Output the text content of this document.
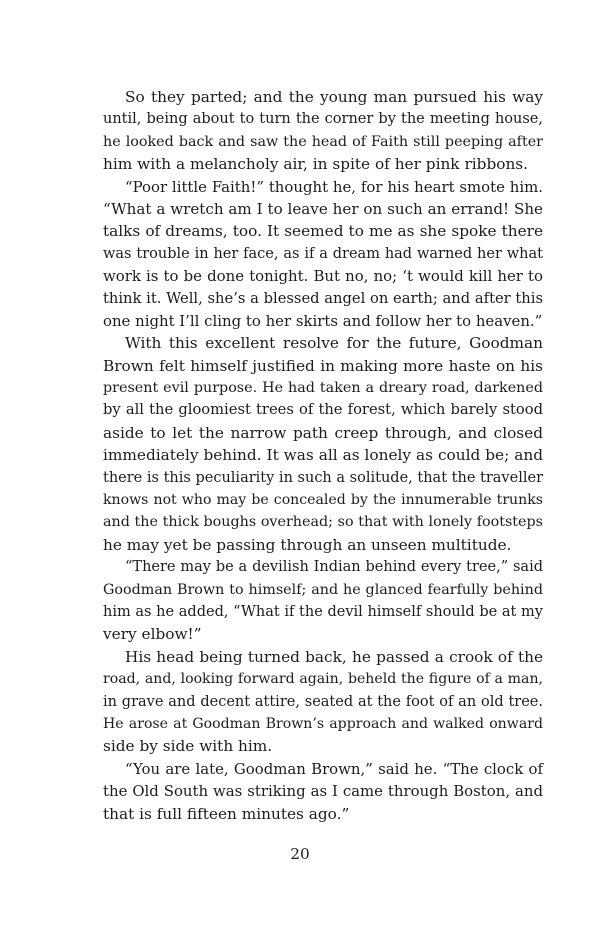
So they parted; and the young man pursued his way
until, being about to turn the corner by the meeting house,
he looked back and saw the head of Faith still peeping after
him with a melancholy air, in spite of her pink ribbons.
“Poor little Faith!” thought he, for his heart smote him.
“What a wretch am I to leave her on such an errand! She
talks of dreams, too. It seemed to me as she spoke there
was trouble in her face, as if a dream had warned her what
work is to be done tonight. But no, no; ‘t would kill her to
think it. Well, she’s a blessed angel on earth; and after this
one night I’ll cling to her skirts and follow her to heaven.”
With this excellent resolve for the future, Goodman
Brown felt himself justified in making more haste on his
present evil purpose. He had taken a dreary road, darkened
by all the gloomiest trees of the forest, which barely stood
aside to let the narrow path creep through, and closed
immediately behind. It was all as lonely as could be; and
there is this peculiarity in such a solitude, that the traveller
knows not who may be concealed by the innumerable trunks
and the thick boughs overhead; so that with lonely footsteps
he may yet be passing through an unseen multitude.
“There may be a devilish Indian behind every tree,” said
Goodman Brown to himself; and he glanced fearfully behind
him as he added, “What if the devil himself should be at my
very elbow!”
His head being turned back, he passed a crook of the
road, and, looking forward again, beheld the figure of a man,
in grave and decent attire, seated at the foot of an old tree.
He arose at Goodman Brown’s approach and walked onward
side by side with him.
“You are late, Goodman Brown,” said he. “The clock of
the Old South was striking as I came through Boston, and
that is full fifteen minutes ago.”
20
